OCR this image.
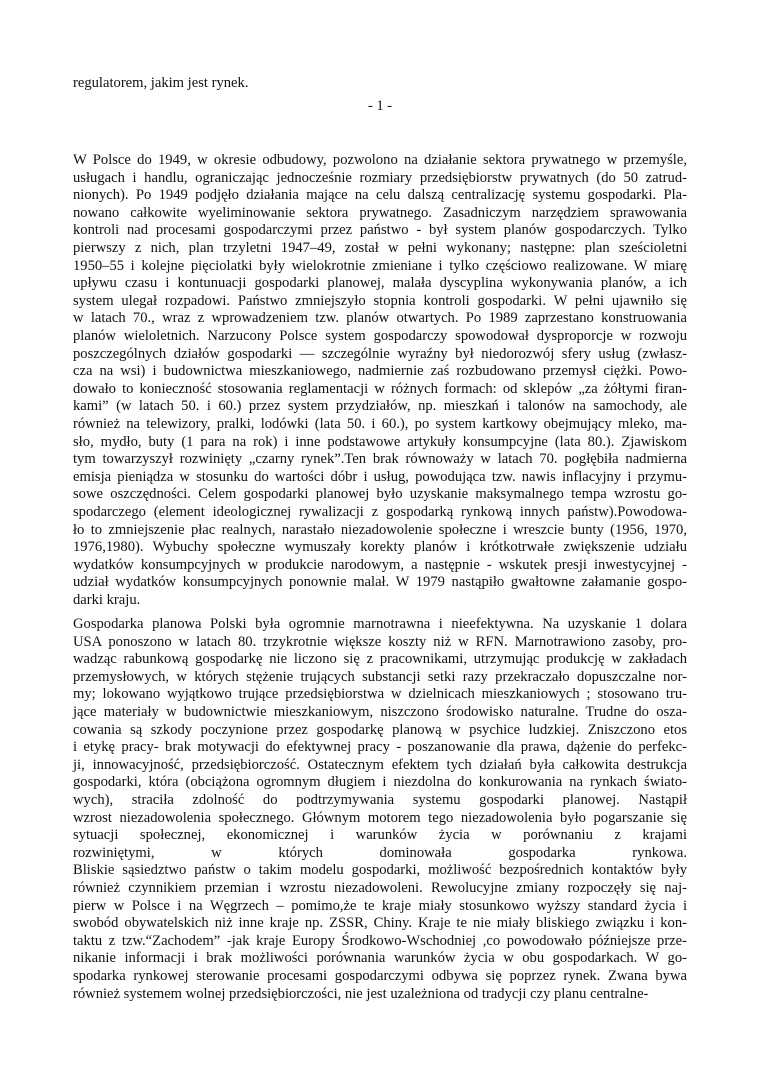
regulatorem, jakim jest rynek.
- 1 -
W Polsce do 1949, w okresie odbudowy, pozwolono na działanie sektora prywatnego w przemyśle,
usługach i handlu, ograniczając jednocześnie rozmiary przedsiębiorstw prywatnych (do 50 zatrud-
nionych). Po 1949 podjęło działania mające na celu dalszą centralizację systemu gospodarki. Pla-
nowano całkowite wyeliminowanie sektora prywatnego. Zasadniczym narzędziem sprawowania
kontroli nad procesami gospodarczymi przez państwo - był system planów gospodarczych. Tylko
pierwszy z nich, plan trzyletni 1947–49, został w pełni wykonany; następne: plan sześcioletni
1950–55 i kolejne pięciolatki były wielokrotnie zmieniane i tylko częściowo realizowane. W miarę
upływu czasu i kontunuacji gospodarki planowej, malała dyscyplina wykonywania planów, a ich
system ulegał rozpadowi. Państwo zmniejszyło stopnia kontroli gospodarki. W pełni ujawniło się
w latach 70., wraz z wprowadzeniem tzw. planów otwartych. Po 1989 zaprzestano konstruowania
planów wieloletnich. Narzucony Polsce system gospodarczy spowodował dysproporcje w rozwoju
poszczególnych działów gospodarki — szczególnie wyraźny był niedorozwój sfery usług (zwłasz-
cza na wsi) i budownictwa mieszkaniowego, nadmiernie zaś rozbudowano przemysł ciężki. Powo-
dowało to konieczność stosowania reglamentacji w różnych formach: od sklepów „za żółtymi firan-
kami” (w latach 50. i 60.) przez system przydziałów, np. mieszkań i talonów na samochody, ale
również na telewizory, pralki, lodówki (lata 50. i 60.), po system kartkowy obejmujący mleko, ma-
sło, mydło, buty (1 para na rok) i inne podstawowe artykuły konsumpcyjne (lata 80.). Zjawiskom
tym towarzyszył rozwinięty „czarny rynek”.Ten brak równoważy w latach 70. pogłębiła nadmierna
emisja pieniądza w stosunku do wartości dóbr i usług, powodująca tzw. nawis inflacyjny i przymu-
sowe oszczędności. Celem gospodarki planowej było uzyskanie maksymalnego tempa wzrostu go-
spodarczego (element ideologicznej rywalizacji z gospodarką rynkową innych państw).Powodowa-
ło to zmniejszenie płac realnych, narastało niezadowolenie społeczne i wreszcie bunty (1956, 1970,
1976,1980). Wybuchy społeczne wymuszały korekty planów i krótkotrwałe zwiększenie udziału
wydatków konsumpcyjnych w produkcie narodowym, a następnie - wskutek presji inwestycyjnej -
udział wydatków konsumpcyjnych ponownie malał. W 1979 nastąpiło gwałtowne załamanie gospo-
darki kraju.
Gospodarka planowa Polski była ogromnie marnotrawna i nieefektywna. Na uzyskanie 1 dolara
USA ponoszono w latach 80. trzykrotnie większe koszty niż w RFN. Marnotrawiono zasoby, pro-
wadząc rabunkową gospodarkę nie liczono się z pracownikami, utrzymując produkcję w zakładach
przemysłowych, w których stężenie trujących substancji setki razy przekraczało dopuszczalne nor-
my; lokowano wyjątkowo trujące przedsiębiorstwa w dzielnicach mieszkaniowych ; stosowano tru-
jące materiały w budownictwie mieszkaniowym, niszczono środowisko naturalne. Trudne do osza-
cowania są szkody poczynione przez gospodarkę planową w psychice ludzkiej. Zniszczono etos
i etykę pracy- brak motywacji do efektywnej pracy - poszanowanie dla prawa, dążenie do perfekc-
ji, innowacyjność, przedsiębiorczość. Ostatecznym efektem tych działań była całkowita destrukcja
gospodarki, która (obciążona ogromnym długiem i niezdolna do konkurowania na rynkach świato-
wych), straciła zdolność do podtrzymywania systemu gospodarki planowej. Nastąpił
wzrost niezadowolenia społecznego. Głównym motorem tego niezadowolenia było pogarszanie się
sytuacji społecznej, ekonomicznej i warunków życia w porównaniu z krajami
rozwiniętymi, w których dominowała gospodarka rynkowa.
Bliskie sąsiedztwo państw o takim modelu gospodarki, możliwość bezpośrednich kontaktów były
również czynnikiem przemian i wzrostu niezadowoleni. Rewolucyjne zmiany rozpoczęły się naj-
pierw w Polsce i na Węgrzech – pomimo,że te kraje miały stosunkowo wyższy standard życia i
swobód obywatelskich niż inne kraje np. ZSSR, Chiny. Kraje te nie miały bliskiego związku i kon-
taktu z tzw.“Zachodem” -jak kraje Europy Środkowo-Wschodniej ,co powodowało późniejsze prze-
nikanie informacji i brak możliwości porównania warunków życia w obu gospodarkach. W go-
spodarka rynkowej sterowanie procesami gospodarczymi odbywa się poprzez rynek. Zwana bywa
również systemem wolnej przedsiębiorczości, nie jest uzależniona od tradycji czy planu centralne-
